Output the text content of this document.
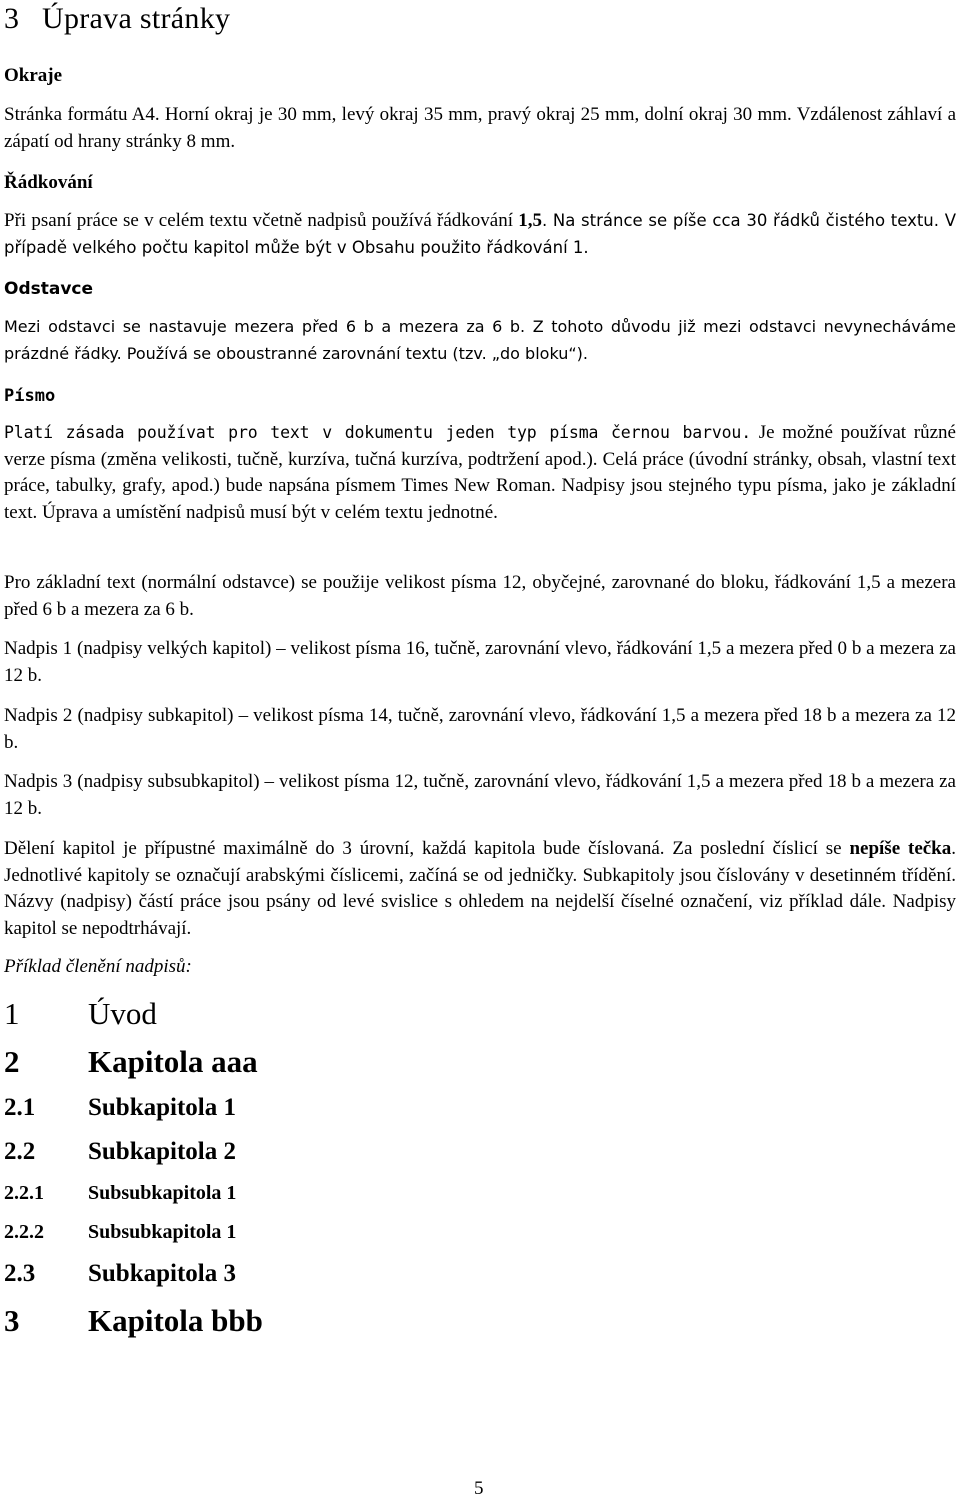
3 Úprava stránky
Okraje

Stránka formátu A4. Horní okraj je 30 mm, levý okraj 35 mm, pravý okraj 25 mm, dolní okraj 30 mm. Vzdálenost záhlaví a zápatí od hrany stránky 8 mm.

Řádkování

Při psaní práce se v celém textu včetně nadpisů používá řádkování 1,5. Na stránce se píše cca 30 řádků čistého textu. V případě velkého počtu kapitol může být v Obsahu použito řádkování 1.

Odstavce

Mezi odstavci se nastavuje mezera před 6 b a mezera za 6 b. Z tohoto důvodu již mezi odstavci nevynecháváme prázdné řádky. Používá se oboustranné zarovnání textu (tzv. „do bloku“).

Písmo

Platí zásada používat pro text v dokumentu jeden typ písma černou barvou. Je možné používat různé verze písma (změna velikosti, tučně, kurzíva, tučná kurzíva, podtržení apod.). Celá práce (úvodní stránky, obsah, vlastní text práce, tabulky, grafy, apod.) bude napsána písmem Times New Roman. Nadpisy jsou stejného typu písma, jako je základní text. Úprava a umístění nadpisů musí být v celém textu jednotné.

Pro základní text (normální odstavce) se použije velikost písma 12, obyčejné, zarovnané do bloku, řádkování 1,5 a mezera před 6 b a mezera za 6 b.

Nadpis 1 (nadpisy velkých kapitol) – velikost písma 16, tučně, zarovnání vlevo, řádkování 1,5 a mezera před 0 b a mezera za 12 b.

Nadpis 2 (nadpisy subkapitol) – velikost písma 14, tučně, zarovnání vlevo, řádkování 1,5 a mezera před 18 b a mezera za 12 b.

Nadpis 3 (nadpisy subsubkapitol) – velikost písma 12, tučně, zarovnání vlevo, řádkování 1,5 a mezera před 18 b a mezera za 12 b.

Dělení kapitol je přípustné maximálně do 3 úrovní, každá kapitola bude číslovaná. Za poslední číslicí se nepíše tečka. Jednotlivé kapitoly se označují arabskými číslicemi, začíná se od jedničky. Subkapitoly jsou číslovány v desetinném třídění. Názvy (nadpisy) částí práce jsou psány od levé svislice s ohledem na nejdelší číselné označení, viz příklad dále. Nadpisy kapitol se nepodtrhávají.

Příklad členění nadpisů:

1 Úvod
2 Kapitola aaa
2.1 Subkapitola 1
2.2 Subkapitola 2
2.2.1 Subsubkapitola 1
2.2.2 Subsubkapitola 1
2.3 Subkapitola 3
3 Kapitola bbb

5
